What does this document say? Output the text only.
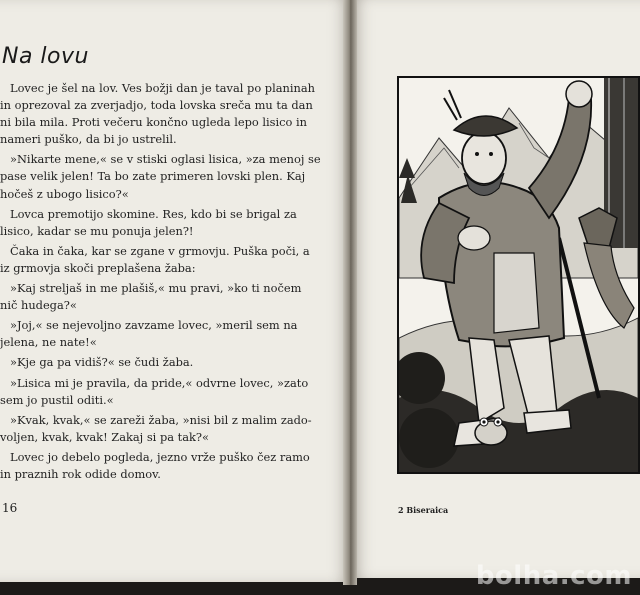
Na lovu

Lovec je šel na lov. Ves božji dan je taval po planinah
in oprezoval za zverjadjo, toda lovska sreča mu ta dan
ni bila mila. Proti večeru končno ugleda lepo lisico in
nameri puško, da bi jo ustrelil.

»Nikarte mene,« se v stiski oglasi lisica, »za menoj se
pase velik jelen! Ta bo zate primeren lovski plen. Kaj
hočeš z ubogo lisico?«

Lovca premotijo skomine. Res, kdo bi se brigal za
lisico, kadar se mu ponuja jelen?!

Čaka in čaka, kar se zgane v grmovju. Puška poči, a
iz grmovja skoči preplašena žaba:

»Kaj streljaš in me plašiš,« mu pravi, »ko ti nočem
nič hudega?«

»Joj,« se nejevoljno zavzame lovec, »meril sem na
jelena, ne nate!«

»Kje ga pa vidiš?« se čudi žaba.

»Lisica mi je pravila, da pride,« odvrne lovec, »zato
sem jo pustil oditi.«

»Kvak, kvak,« se zareži žaba, »nisi bil z malim zado-
voljen, kvak, kvak! Zakaj si pa tak?«

Lovec jo debelo pogleda, jezno vrže puško čez ramo
in praznih rok odide domov.

16	2 Biseraica
bolha.com
